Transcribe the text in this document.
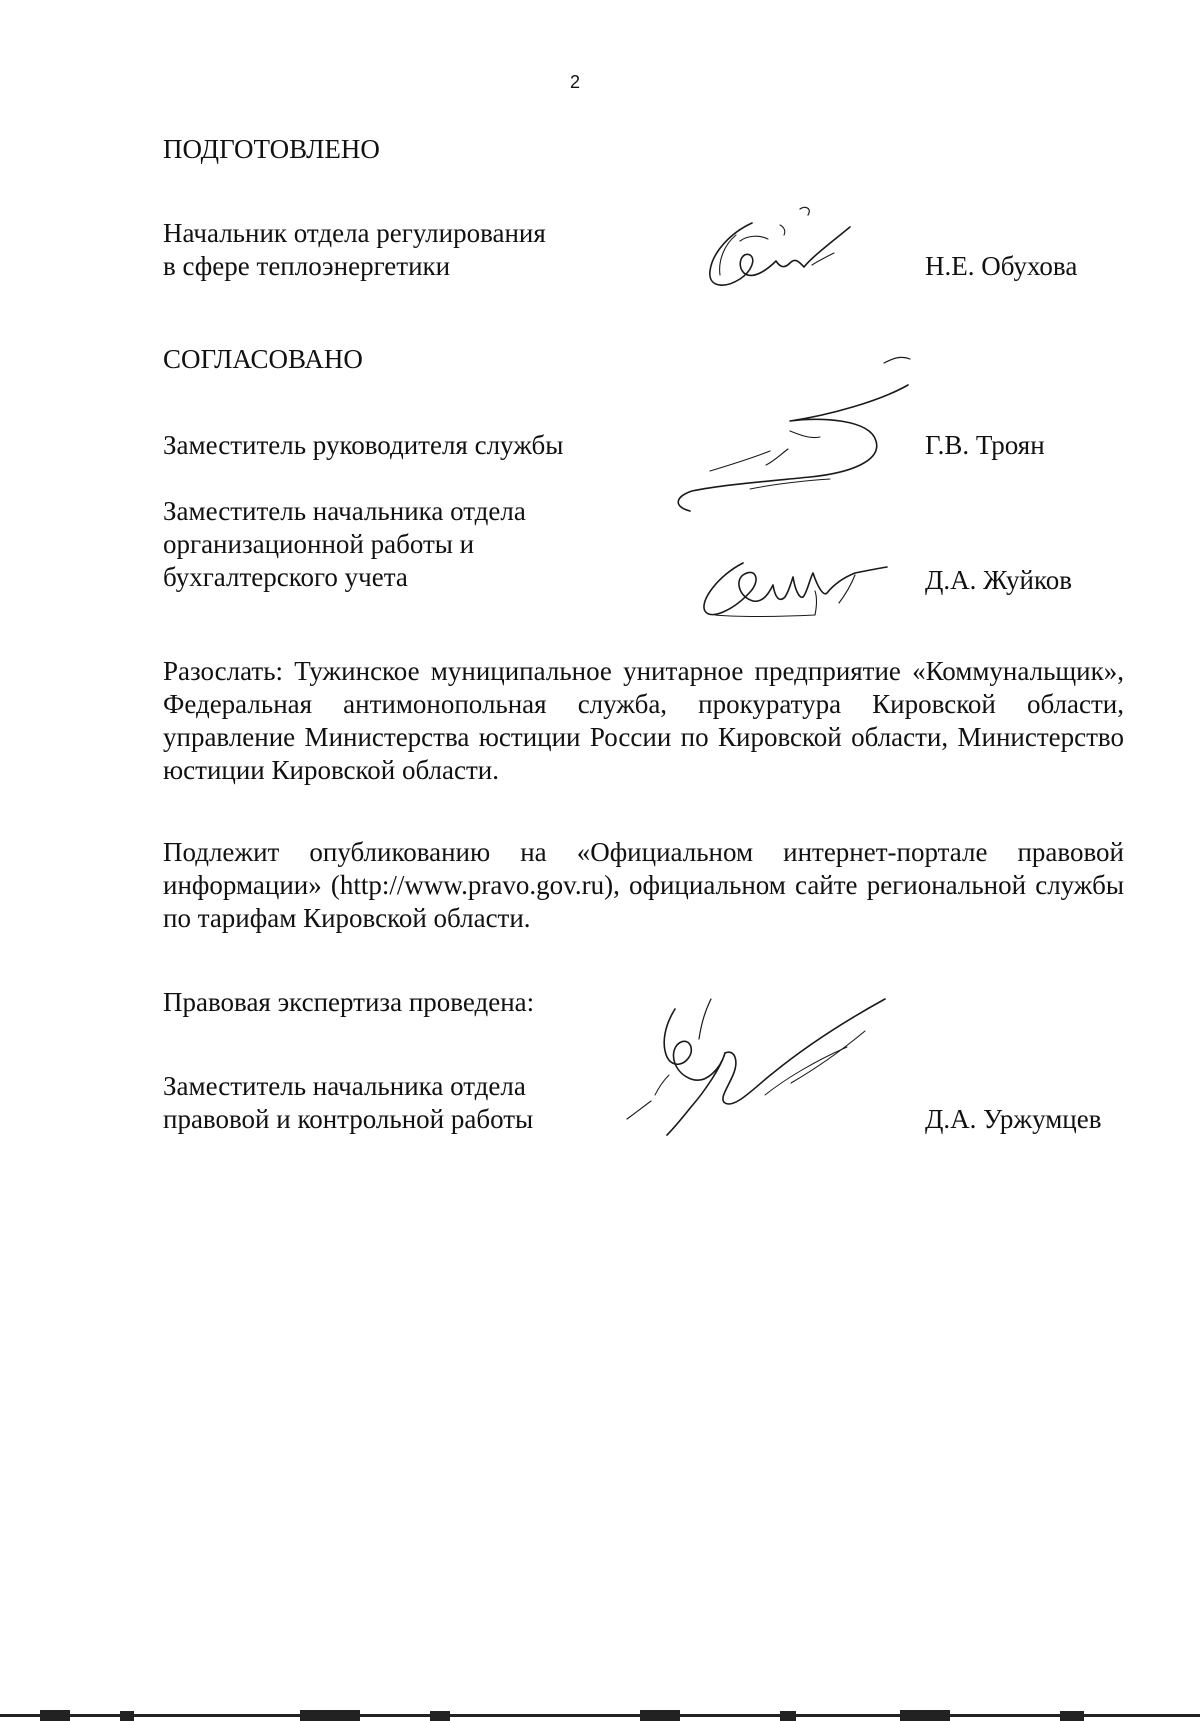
2
ПОДГОТОВЛЕНО
Начальник отдела регулирования
в сфере теплоэнергетики	Н.Е. Обухова
СОГЛАСОВАНО
Заместитель руководителя службы	Г.В. Троян
Заместитель начальника отдела
организационной работы и
бухгалтерского учета	Д.А. Жуйков
Разослать: Тужинское муниципальное унитарное предприятие «Коммунальщик», Федеральная антимонопольная служба, прокуратура Кировской области, управление Министерства юстиции России по Кировской области, Министерство юстиции Кировской области.
Подлежит опубликованию на «Официальном интернет-портале правовой информации» (http://www.pravo.gov.ru), официальном сайте региональной службы по тарифам Кировской области.
Правовая экспертиза проведена:
Заместитель начальника отдела
правовой и контрольной работы	Д.А. Уржумцев
